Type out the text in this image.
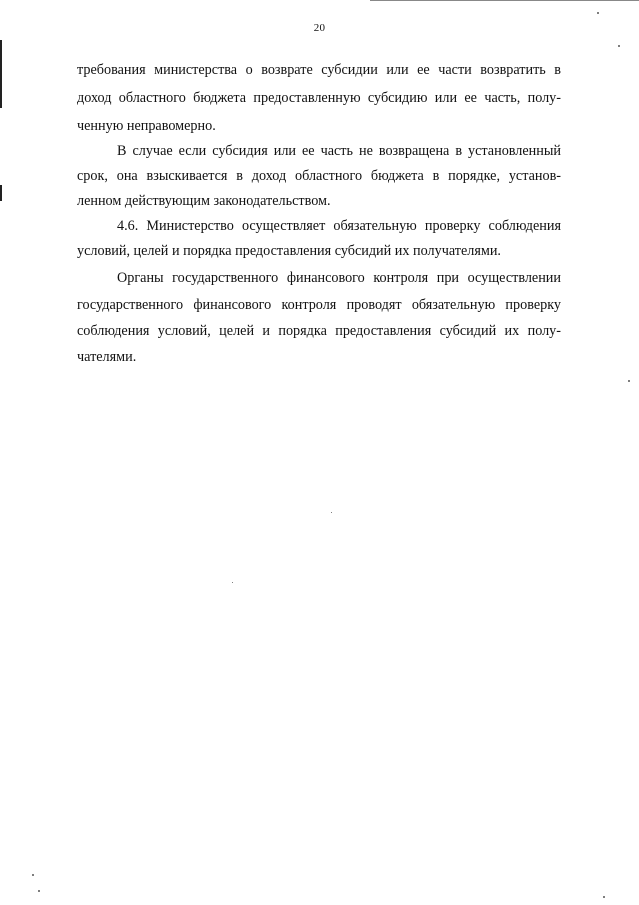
20
требования министерства о возврате субсидии или ее части возвратить в
доход областного бюджета предоставленную субсидию или ее часть, полу-
ченную неправомерно.
В случае если субсидия или ее часть не возвращена в установленный
срок, она взыскивается в доход областного бюджета в порядке, установ-
ленном действующим законодательством.
4.6. Министерство осуществляет обязательную проверку соблюдения
условий, целей и порядка предоставления субсидий их получателями.
Органы государственного финансового контроля при осуществлении
государственного финансового контроля проводят обязательную проверку
соблюдения условий, целей и порядка предоставления субсидий их полу-
чателями.
